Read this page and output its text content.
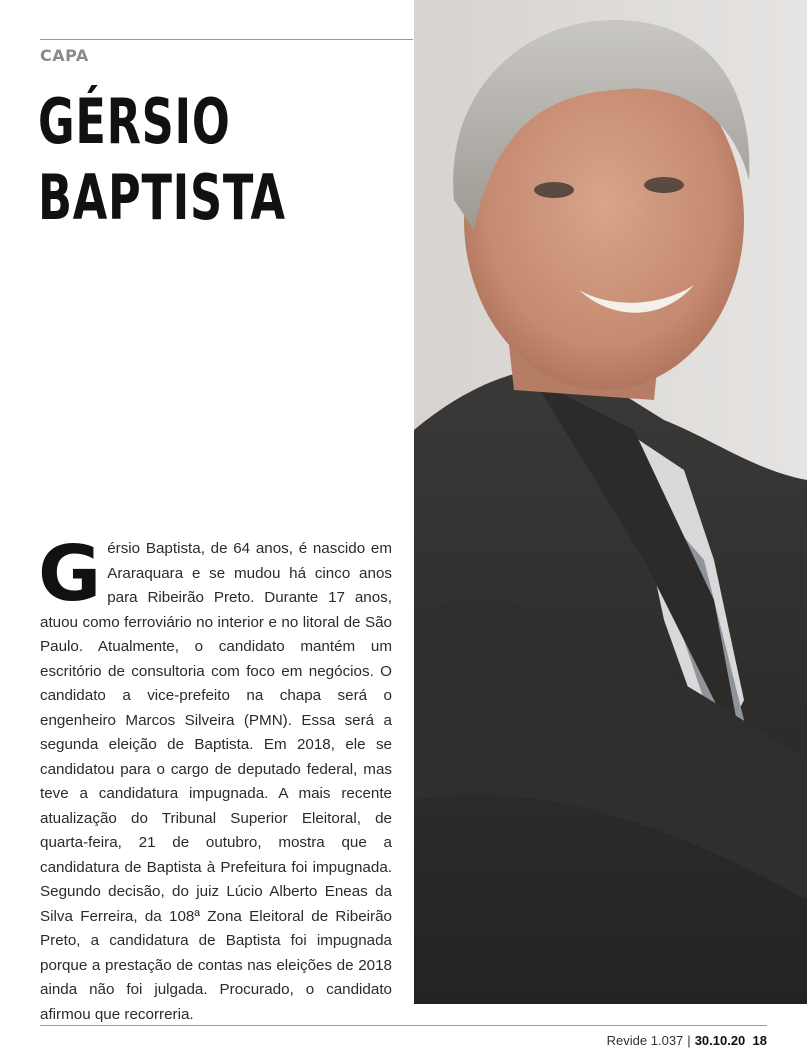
CAPA
GÉRSIO
BAPTISTA

Gérsio Baptista, de 64 anos, é nascido em Araraquara e se mudou há cinco anos para Ribeirão Preto. Durante 17 anos, atuou como ferroviário no interior e no litoral de São Paulo. Atualmente, o candidato mantém um escritório de consultoria com foco em negócios. O candidato a vice-prefeito na chapa será o engenheiro Marcos Silveira (PMN). Essa será a segunda eleição de Baptista. Em 2018, ele se candidatou para o cargo de deputado federal, mas teve a candidatura impugnada. A mais recente atualização do Tribunal Superior Eleitoral, de quarta-feira, 21 de outubro, mostra que a candidatura de Baptista à Prefeitura foi impugnada. Segundo decisão, do juiz Lúcio Alberto Eneas da Silva Ferreira, da 108ª Zona Eleitoral de Ribeirão Preto, a candidatura de Baptista foi impugnada porque a prestação de contas nas eleições de 2018 ainda não foi julgada. Procurado, o candidato afirmou que recorreria.

Revide 1.037 | 30.10.20 18
